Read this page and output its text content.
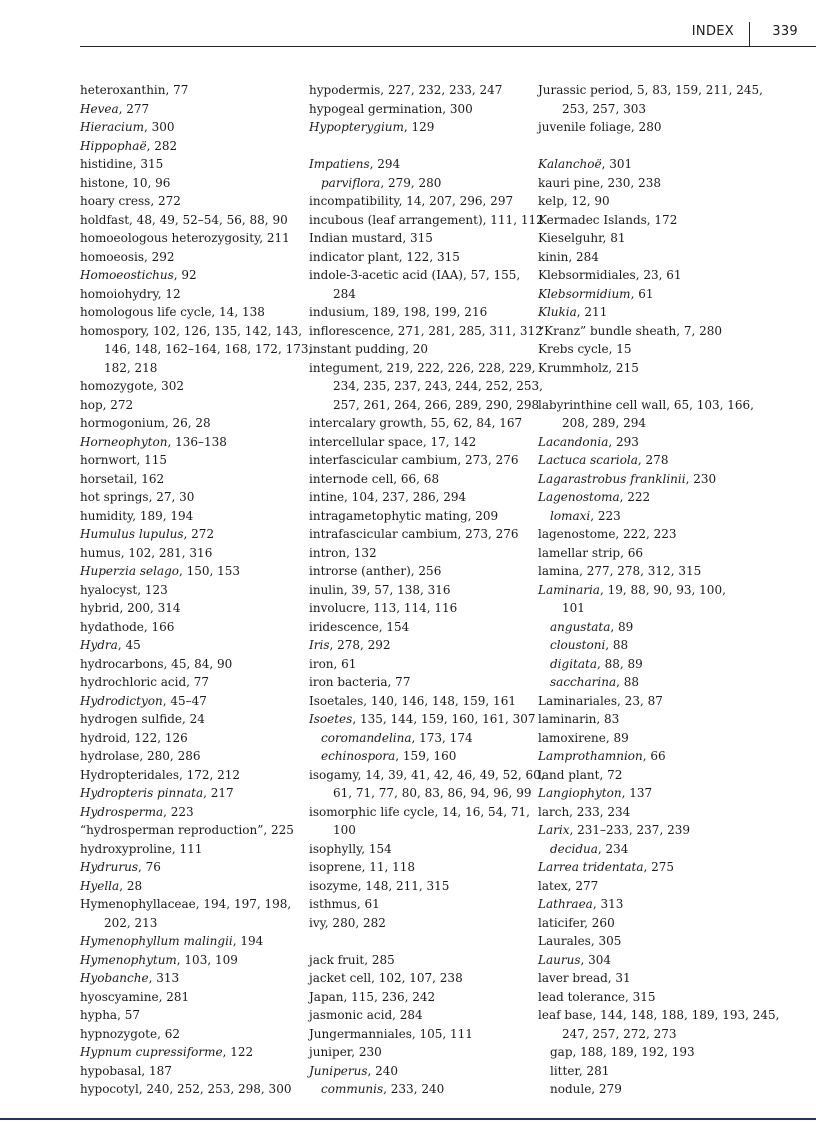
INDEX	339
heteroxanthin, 77
Hevea, 277
Hieracium, 300
Hippophaë, 282
histidine, 315
histone, 10, 96
hoary cress, 272
holdfast, 48, 49, 52–54, 56, 88, 90
homoeologous heterozygosity, 211
homoeosis, 292
Homoeostichus, 92
homoiohydry, 12
homologous life cycle, 14, 138
homospory, 102, 126, 135, 142, 143,
146, 148, 162–164, 168, 172, 173,
182, 218
homozygote, 302
hop, 272
hormogonium, 26, 28
Horneophyton, 136–138
hornwort, 115
horsetail, 162
hot springs, 27, 30
humidity, 189, 194
Humulus lupulus, 272
humus, 102, 281, 316
Huperzia selago, 150, 153
hyalocyst, 123
hybrid, 200, 314
hydathode, 166
Hydra, 45
hydrocarbons, 45, 84, 90
hydrochloric acid, 77
Hydrodictyon, 45–47
hydrogen sulfide, 24
hydroid, 122, 126
hydrolase, 280, 286
Hydropteridales, 172, 212
Hydropteris pinnata, 217
Hydrosperma, 223
“hydrosperman reproduction”, 225
hydroxyproline, 111
Hydrurus, 76
Hyella, 28
Hymenophyllaceae, 194, 197, 198,
202, 213
Hymenophyllum malingii, 194
Hymenophytum, 103, 109
Hyobanche, 313
hyoscyamine, 281
hypha, 57
hypnozygote, 62
Hypnum cupressiforme, 122
hypobasal, 187
hypocotyl, 240, 252, 253, 298, 300
hypodermis, 227, 232, 233, 247
hypogeal germination, 300
Hypopterygium, 129
Impatiens, 294
parviflora, 279, 280
incompatibility, 14, 207, 296, 297
incubous (leaf arrangement), 111, 112
Indian mustard, 315
indicator plant, 122, 315
indole-3-acetic acid (IAA), 57, 155,
284
indusium, 189, 198, 199, 216
inflorescence, 271, 281, 285, 311, 312
instant pudding, 20
integument, 219, 222, 226, 228, 229,
234, 235, 237, 243, 244, 252, 253,
257, 261, 264, 266, 289, 290, 298
intercalary growth, 55, 62, 84, 167
intercellular space, 17, 142
interfascicular cambium, 273, 276
internode cell, 66, 68
intine, 104, 237, 286, 294
intragametophytic mating, 209
intrafascicular cambium, 273, 276
intron, 132
introrse (anther), 256
inulin, 39, 57, 138, 316
involucre, 113, 114, 116
iridescence, 154
Iris, 278, 292
iron, 61
iron bacteria, 77
Isoetales, 140, 146, 148, 159, 161
Isoetes, 135, 144, 159, 160, 161, 307
coromandelina, 173, 174
echinospora, 159, 160
isogamy, 14, 39, 41, 42, 46, 49, 52, 60,
61, 71, 77, 80, 83, 86, 94, 96, 99
isomorphic life cycle, 14, 16, 54, 71,
100
isophylly, 154
isoprene, 11, 118
isozyme, 148, 211, 315
isthmus, 61
ivy, 280, 282
jack fruit, 285
jacket cell, 102, 107, 238
Japan, 115, 236, 242
jasmonic acid, 284
Jungermanniales, 105, 111
juniper, 230
Juniperus, 240
communis, 233, 240
Jurassic period, 5, 83, 159, 211, 245,
253, 257, 303
juvenile foliage, 280
Kalanchoë, 301
kauri pine, 230, 238
kelp, 12, 90
Kermadec Islands, 172
Kieselguhr, 81
kinin, 284
Klebsormidiales, 23, 61
Klebsormidium, 61
Klukia, 211
“Kranz” bundle sheath, 7, 280
Krebs cycle, 15
Krummholz, 215
labyrinthine cell wall, 65, 103, 166,
208, 289, 294
Lacandonia, 293
Lactuca scariola, 278
Lagarastrobus franklinii, 230
Lagenostoma, 222
lomaxi, 223
lagenostome, 222, 223
lamellar strip, 66
lamina, 277, 278, 312, 315
Laminaria, 19, 88, 90, 93, 100,
101
angustata, 89
cloustoni, 88
digitata, 88, 89
saccharina, 88
Laminariales, 23, 87
laminarin, 83
lamoxirene, 89
Lamprothamnion, 66
land plant, 72
Langiophyton, 137
larch, 233, 234
Larix, 231–233, 237, 239
decidua, 234
Larrea tridentata, 275
latex, 277
Lathraea, 313
laticifer, 260
Laurales, 305
Laurus, 304
laver bread, 31
lead tolerance, 315
leaf base, 144, 148, 188, 189, 193, 245,
247, 257, 272, 273
gap, 188, 189, 192, 193
litter, 281
nodule, 279
